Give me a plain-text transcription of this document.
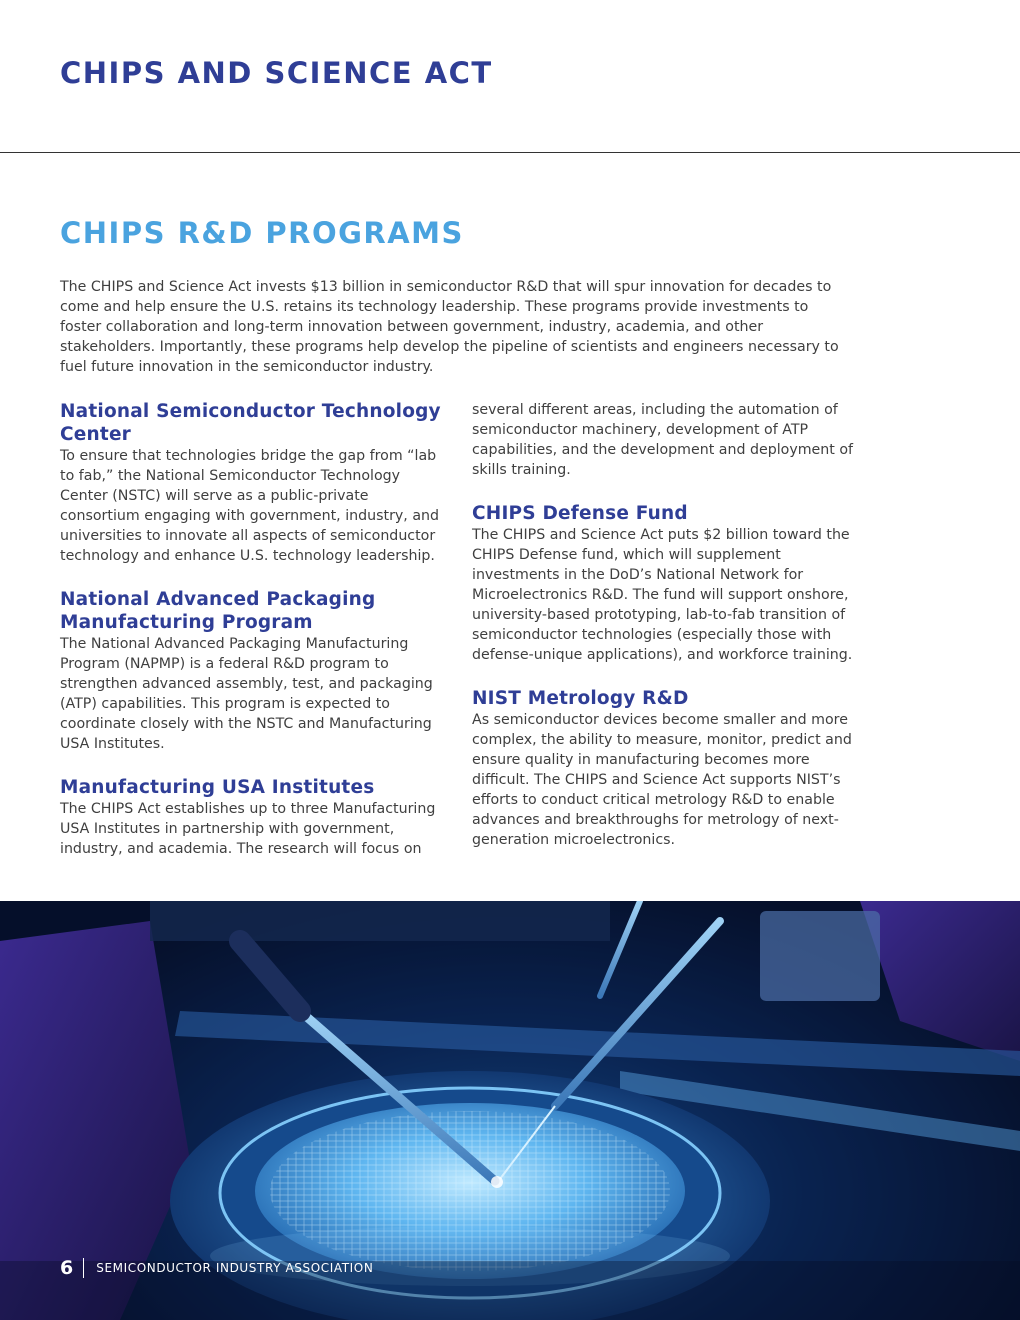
CHIPS AND SCIENCE ACT
CHIPS R&D PROGRAMS

The CHIPS and Science Act invests $13 billion in semiconductor R&D that will spur innovation for decades to come and help ensure the U.S. retains its technology leadership. These programs provide investments to foster collaboration and long-term innovation between government, industry, academia, and other stakeholders. Importantly, these programs help develop the pipeline of scientists and engineers necessary to fuel future innovation in the semiconductor industry.

National Semiconductor Technology Center

To ensure that technologies bridge the gap from “lab to fab,” the National Semiconductor Technology Center (NSTC) will serve as a public-private consortium engaging with government, industry, and universities to innovate all aspects of semiconductor technology and enhance U.S. technology leadership.

National Advanced Packaging Manufacturing Program

The National Advanced Packaging Manufacturing Program (NAPMP) is a federal R&D program to strengthen advanced assembly, test, and packaging (ATP) capabilities. This program is expected to coordinate closely with the NSTC and Manufacturing USA Institutes.

Manufacturing USA Institutes

The CHIPS Act establishes up to three Manufacturing USA Institutes in partnership with government, industry, and academia. The research will focus on

several different areas, including the automation of semiconductor machinery, development of ATP capabilities, and the development and deployment of skills training.

CHIPS Defense Fund

The CHIPS and Science Act puts $2 billion toward the CHIPS Defense fund, which will supplement investments in the DoD’s National Network for Microelectronics R&D. The fund will support onshore, university-based prototyping, lab-to-fab transition of semiconductor technologies (especially those with defense-unique applications), and workforce training.

NIST Metrology R&D

As semiconductor devices become smaller and more complex, the ability to measure, monitor, predict and ensure quality in manufacturing becomes more difficult. The CHIPS and Science Act supports NIST’s efforts to conduct critical metrology R&D to enable advances and breakthroughs for metrology of next-generation microelectronics.

6 SEMICONDUCTOR INDUSTRY ASSOCIATION
